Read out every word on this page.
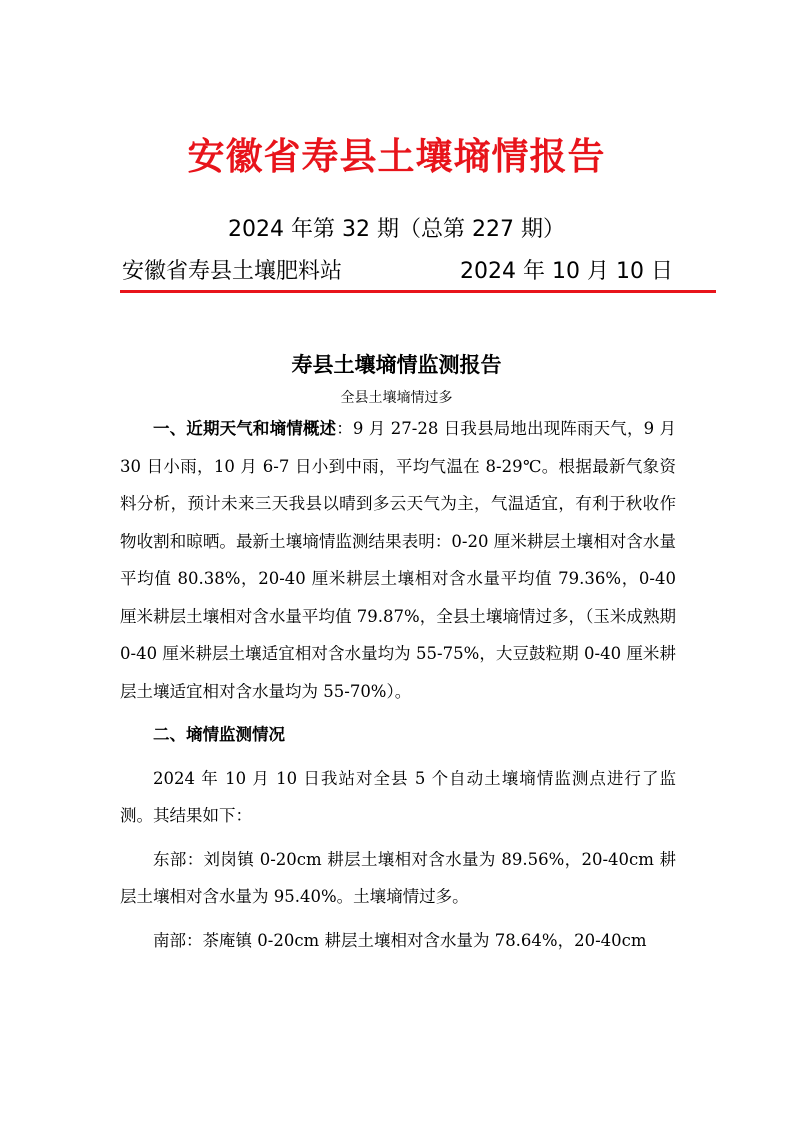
安徽省寿县土壤墒情报告
2024 年第 32 期（总第 227 期）
安徽省寿县土壤肥料站	2024 年 10 月 10 日
寿县土壤墒情监测报告
全县土壤墒情过多

一、近期天气和墒情概述：9 月 27-28 日我县局地出现阵雨天气，9 月 30 日小雨，10 月 6-7 日小到中雨，平均气温在 8-29℃。根据最新气象资料分析，预计未来三天我县以晴到多云天气为主，气温适宜，有利于秋收作物收割和晾晒。最新土壤墒情监测结果表明：0-20 厘米耕层土壤相对含水量平均值 80.38%，20-40 厘米耕层土壤相对含水量平均值 79.36%，0-40 厘米耕层土壤相对含水量平均值 79.87%，全县土壤墒情过多，（玉米成熟期 0-40 厘米耕层土壤适宜相对含水量均为 55-75%，大豆鼓粒期 0-40 厘米耕层土壤适宜相对含水量均为 55-70%）。

二、墒情监测情况

2024 年 10 月 10 日我站对全县 5 个自动土壤墒情监测点进行了监测。其结果如下：

东部：刘岗镇 0-20cm 耕层土壤相对含水量为 89.56%，20-40cm 耕层土壤相对含水量为 95.40%。土壤墒情过多。

南部：茶庵镇 0-20cm 耕层土壤相对含水量为 78.64%，20-40cm
